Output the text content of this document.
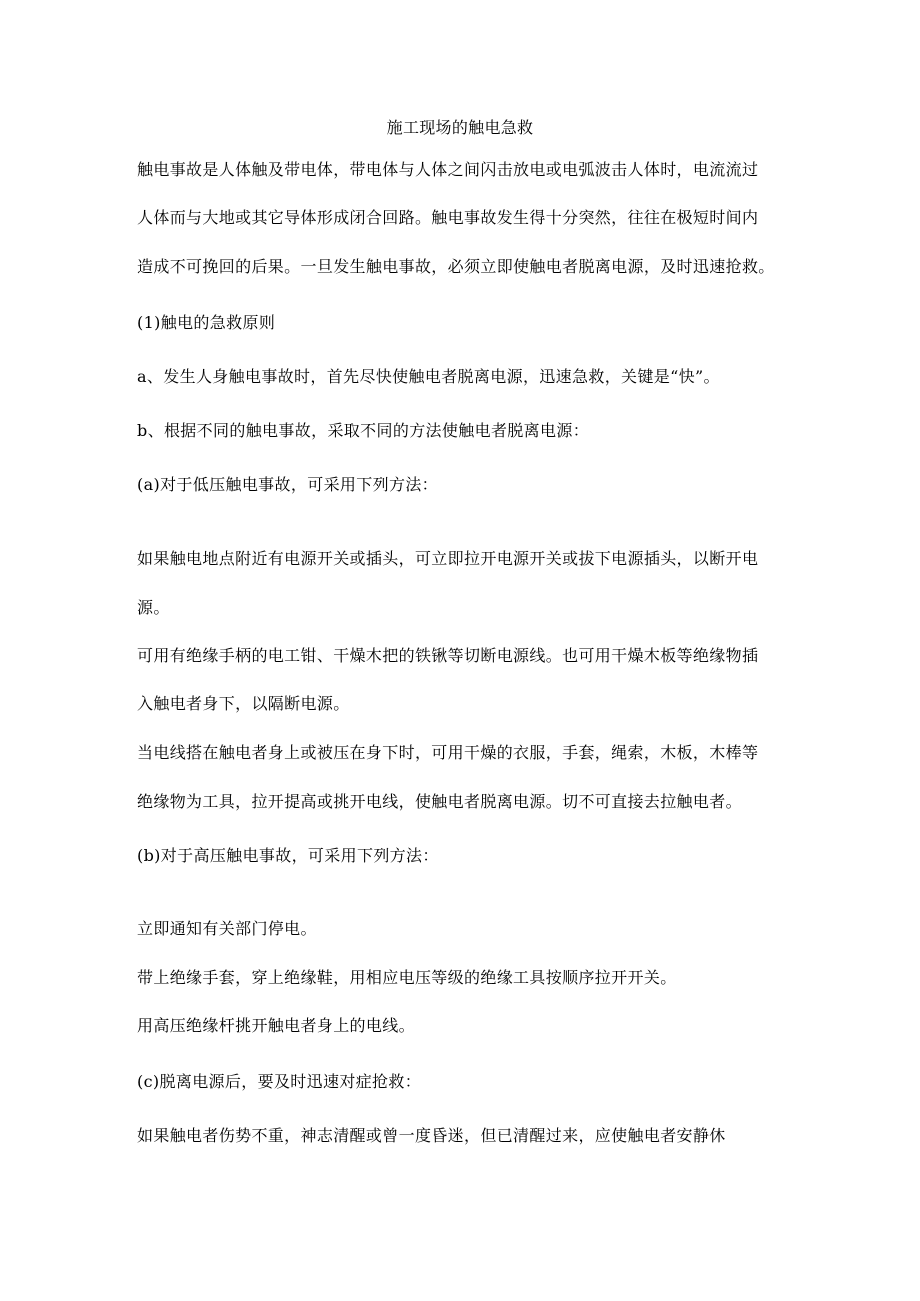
施工现场的触电急救
触电事故是人体触及带电体，带电体与人体之间闪击放电或电弧波击人体时，电流流过
人体而与大地或其它导体形成闭合回路。触电事故发生得十分突然，往往在极短时间内
造成不可挽回的后果。一旦发生触电事故，必须立即使触电者脱离电源，及时迅速抢救。
(1)触电的急救原则
a、发生人身触电事故时，首先尽快使触电者脱离电源，迅速急救，关键是“快”。
b、根据不同的触电事故，采取不同的方法使触电者脱离电源：
(a)对于低压触电事故，可采用下列方法：
如果触电地点附近有电源开关或插头，可立即拉开电源开关或拔下电源插头，以断开电
源。
可用有绝缘手柄的电工钳、干燥木把的铁锹等切断电源线。也可用干燥木板等绝缘物插
入触电者身下，以隔断电源。
当电线搭在触电者身上或被压在身下时，可用干燥的衣服，手套，绳索，木板，木棒等
绝缘物为工具，拉开提高或挑开电线，使触电者脱离电源。切不可直接去拉触电者。
(b)对于高压触电事故，可采用下列方法：
立即通知有关部门停电。
带上绝缘手套，穿上绝缘鞋，用相应电压等级的绝缘工具按顺序拉开开关。
用高压绝缘杆挑开触电者身上的电线。
(c)脱离电源后，要及时迅速对症抢救：
如果触电者伤势不重，神志清醒或曾一度昏迷，但已清醒过来，应使触电者安静休
